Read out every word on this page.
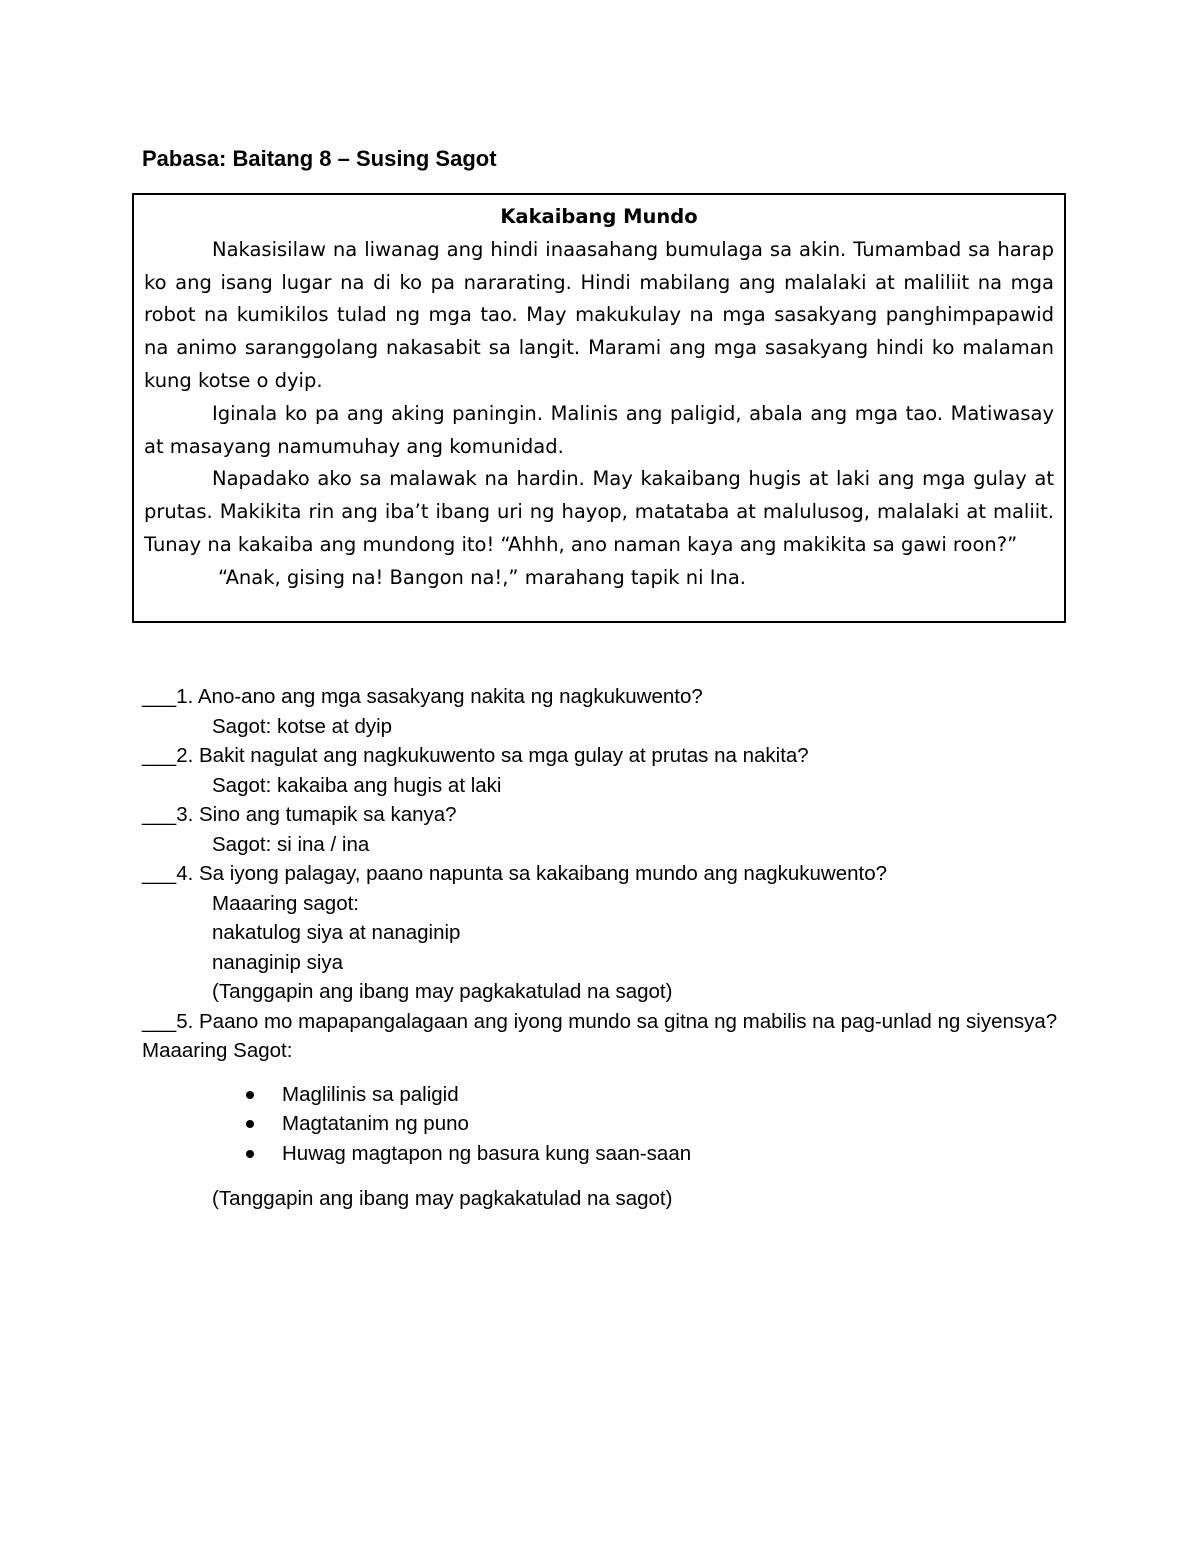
Pabasa: Baitang 8 – Susing Sagot

Kakaibang Mundo

Nakasisilaw na liwanag ang hindi inaasahang bumulaga sa akin. Tumambad sa harap ko ang isang lugar na di ko pa nararating. Hindi mabilang ang malalaki at maliliit na mga robot na kumikilos tulad ng mga tao. May makukulay na mga sasakyang panghimpapawid na animo saranggolang nakasabit sa langit. Marami ang mga sasakyang hindi ko malaman kung kotse o dyip.

Iginala ko pa ang aking paningin. Malinis ang paligid, abala ang mga tao. Matiwasay at masayang namumuhay ang komunidad.

Napadako ako sa malawak na hardin. May kakaibang hugis at laki ang mga gulay at prutas. Makikita rin ang iba’t ibang uri ng hayop, matataba at malulusog, malalaki at maliit. Tunay na kakaiba ang mundong ito! “Ahhh, ano naman kaya ang makikita sa gawi roon?”

“Anak, gising na! Bangon na!,” marahang tapik ni Ina.

___1. Ano-ano ang mga sasakyang nakita ng nagkukuwento?

Sagot: kotse at dyip

___2. Bakit nagulat ang nagkukuwento sa mga gulay at prutas na nakita?

Sagot: kakaiba ang hugis at laki

___3. Sino ang tumapik sa kanya?

Sagot: si ina / ina

___4. Sa iyong palagay, paano napunta sa kakaibang mundo ang nagkukuwento?

Maaaring sagot:

nakatulog siya at nanaginip

nanaginip siya

(Tanggapin ang ibang may pagkakatulad na sagot)

___5. Paano mo mapapangalagaan ang iyong mundo sa gitna ng mabilis na pag-unlad ng siyensya?

Maaaring Sagot:

Maglilinis sa paligid
Magtatanim ng puno
Huwag magtapon ng basura kung saan-saan

(Tanggapin ang ibang may pagkakatulad na sagot)
